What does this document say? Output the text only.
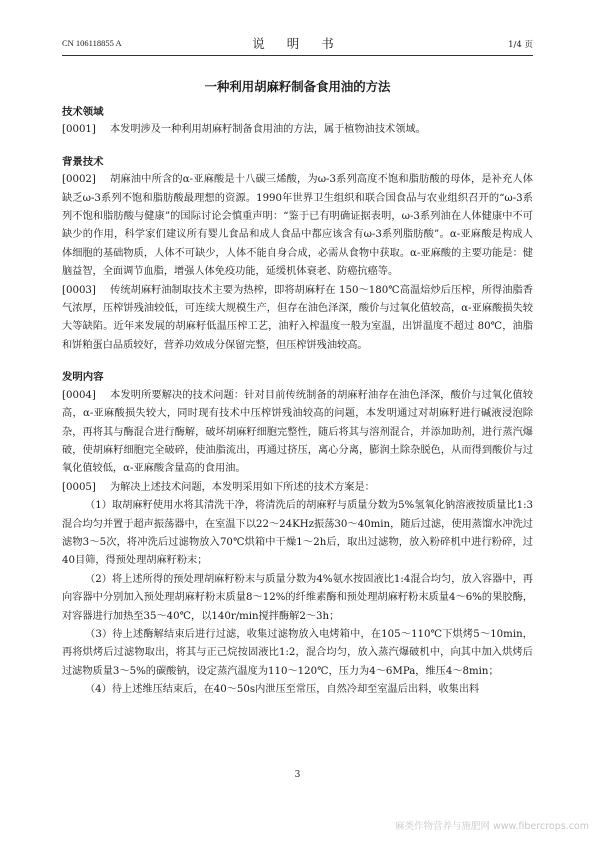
CN 106118855 A	说 明 书	1/4 页
一种利用胡麻籽制备食用油的方法
技术领域

[0001] 本发明涉及一种利用胡麻籽制备食用油的方法，属于植物油技术领域。

背景技术

[0002] 胡麻油中所含的α-亚麻酸是十八碳三烯酸，为ω-3系列高度不饱和脂肪酸的母体，是补充人体缺乏ω-3系列不饱和脂肪酸最理想的资源。1990年世界卫生组织和联合国食品与农业组织召开的“ω-3系列不饱和脂肪酸与健康”的国际讨论会慎重声明：“鉴于已有明确证据表明，ω-3系列油在人体健康中不可缺少的作用，科学家们建议所有婴儿食品和成人食品中都应该含有ω-3系列脂肪酸”。α-亚麻酸是构成人体细胞的基础物质，人体不可缺少，人体不能自身合成，必需从食物中获取。α-亚麻酸的主要功能是：健脑益智，全面调节血脂，增强人体免疫功能，延缓机体衰老、防癌抗癌等。

[0003] 传统胡麻籽油制取技术主要为热榨，即将胡麻籽在 150～180℃高温焙炒后压榨，所得油脂香气浓厚，压榨饼残油较低，可连续大规模生产，但存在油色泽深，酸价与过氧化值较高，α-亚麻酸损失较大等缺陷。近年来发展的胡麻籽低温压榨工艺，油籽入榨温度一般为室温，出饼温度不超过 80℃，油脂和饼粕蛋白品质较好，营养功效成分保留完整，但压榨饼残油较高。

发明内容

[0004] 本发明所要解决的技术问题：针对目前传统制备的胡麻籽油存在油色泽深，酸价与过氧化值较高，α-亚麻酸损失较大，同时现有技术中压榨饼残油较高的问题，本发明通过对胡麻籽进行碱液浸泡除杂，再将其与酶混合进行酶解，破坏胡麻籽细胞完整性，随后将其与溶剂混合，并添加助剂，进行蒸汽爆破，使胡麻籽细胞完全破碎，使油脂流出，再通过挤压，离心分离，膨润土除杂脱色，从而得到酸价与过氧化值较低，α-亚麻酸含量高的食用油。

[0005] 为解决上述技术问题，本发明采用如下所述的技术方案是：

（1）取胡麻籽使用水将其清洗干净，将清洗后的胡麻籽与质量分数为5%氢氧化钠溶液按质量比1:3混合均匀并置于超声振荡器中，在室温下以22～24KHz振荡30～40min，随后过滤，使用蒸馏水冲洗过滤物3～5次，将冲洗后过滤物放入70℃烘箱中干燥1～2h后，取出过滤物，放入粉碎机中进行粉碎，过40目筛，得预处理胡麻籽粉末；

（2）将上述所得的预处理胡麻籽粉末与质量分数为4%氨水按固液比1:4混合均匀，放入容器中，再向容器中分别加入预处理胡麻籽粉末质量8～12%的纤维素酶和预处理胡麻籽粉末质量4～6%的果胶酶，对容器进行加热至35～40℃，以140r/min搅拌酶解2～3h；

（3）待上述酶解结束后进行过滤，收集过滤物放入电烤箱中，在105～110℃下烘烤5～10min，再将烘烤后过滤物取出，将其与正己烷按固液比1:2，混合均匀，放入蒸汽爆破机中，向其中加入烘烤后过滤物质量3～5%的碳酸钠，设定蒸汽温度为110～120℃，压力为4～6MPa，维压4～8min；

（4）待上述维压结束后，在40～50s内泄压至常压，自然冷却至室温后出料，收集出料

3
麻类作物营养与施肥网 www.fibercrops.com
